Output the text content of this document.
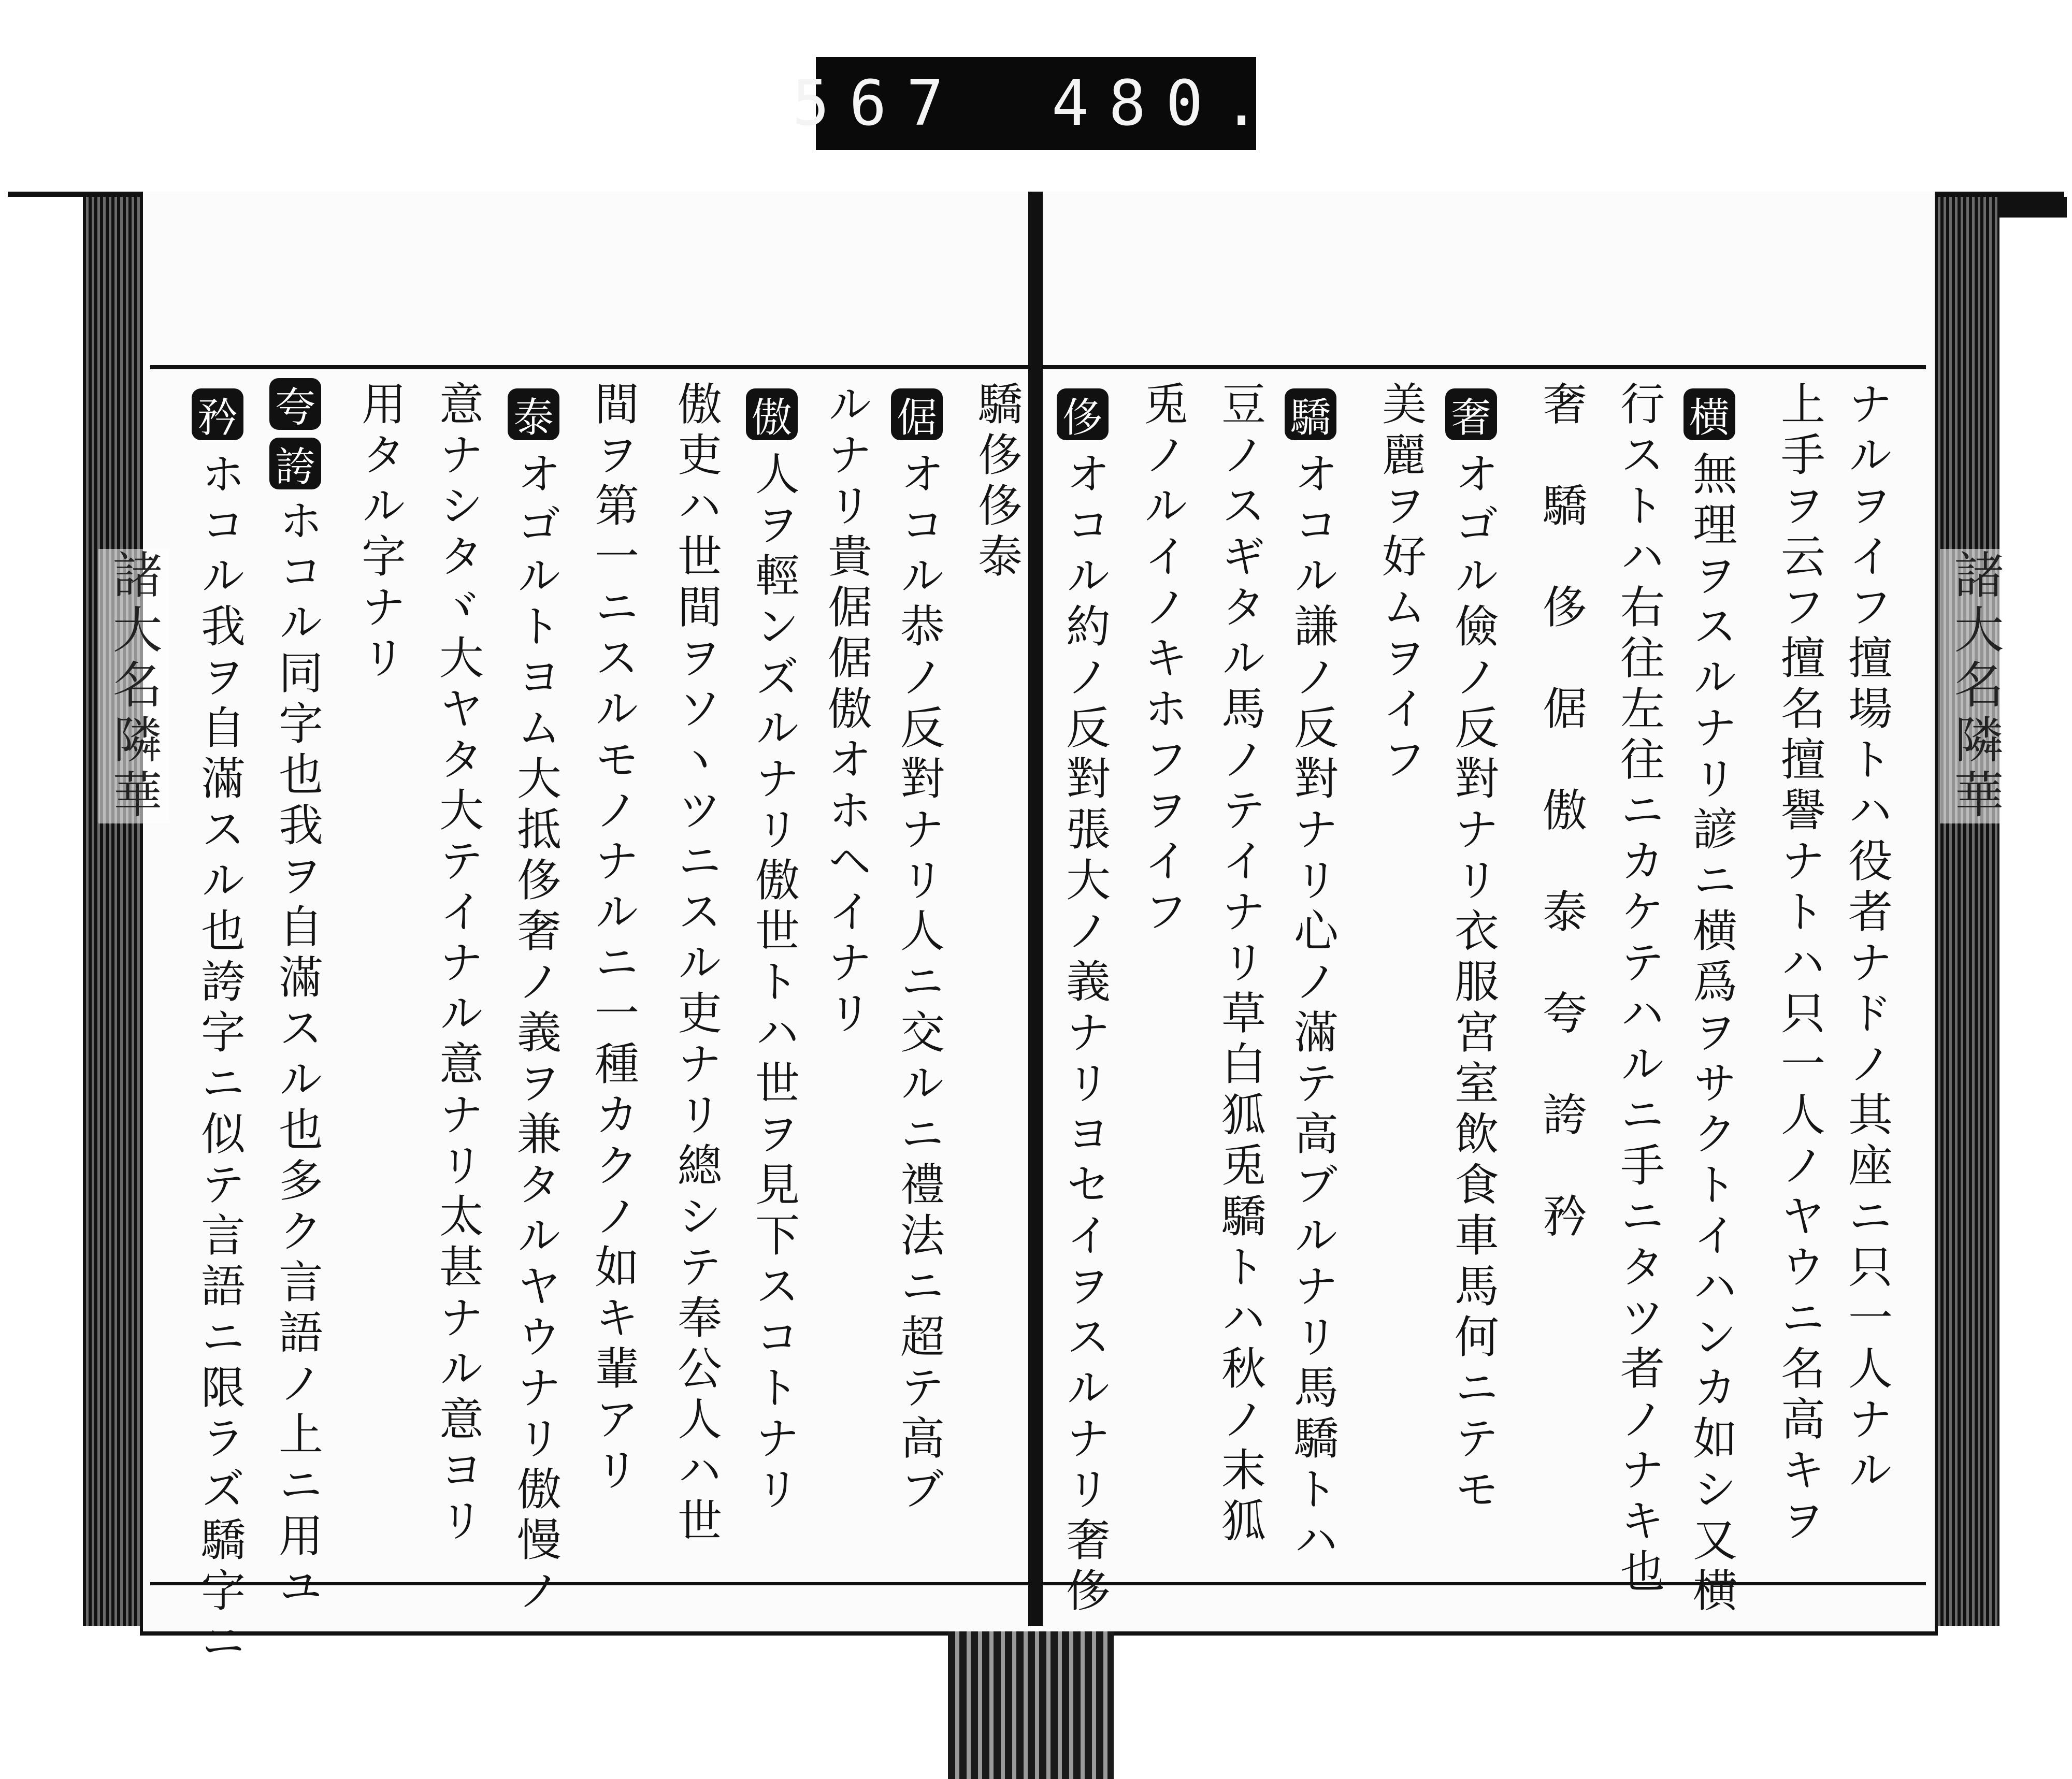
567 480.
諸大名隣華
諸大名隣華	ナルヲイフ擅場トハ役者ナドノ其座ニ只一人ナル
上手ヲ云フ擅名擅譽ナトハ只一人ノヤウニ名高キヲ
横
無理ヲスルナリ諺ニ横爲ヲサクトイハンカ如シ又横
行ストハ右往左往ニカケテハルニ手ニタツ者ノナキ也
奢　驕　侈　倨　傲　泰　夸　誇　矜
奢
オゴル儉ノ反對ナリ衣服宮室飲食車馬何ニテモ
美麗ヲ好ムヲイフ
驕
オコル謙ノ反對ナリ心ノ滿テ高ブルナリ馬驕トハ
豆ノスギタル馬ノテイナリ草白狐兎驕トハ秋ノ末狐
兎ノルイノキホフヲイフ
侈
オコル約ノ反對張大ノ義ナリヨセイヲスルナリ奢侈
驕侈侈泰
倨
オコル恭ノ反對ナリ人ニ交ルニ禮法ニ超テ高ブ
ルナリ貴倨倨傲オホヘイナリ
傲
人ヲ輕ンズルナリ傲世トハ世ヲ見下スコトナリ
傲吏ハ世間ヲソヽツニスル吏ナリ總シテ奉公人ハ世
間ヲ第一ニスルモノナルニ一種カクノ如キ輩アリ
泰
オゴルトヨム大抵侈奢ノ義ヲ兼タルヤウナリ傲慢ノ
意ナシタヾ大ヤタ大テイナル意ナリ太甚ナル意ヨリ
用タル字ナリ
夸
誇
ホコル同字也我ヲ自滿スル也多ク言語ノ上ニ用ユ
矜
ホコル我ヲ自滿スル也誇字ニ似テ言語ニ限ラズ驕字ニ
